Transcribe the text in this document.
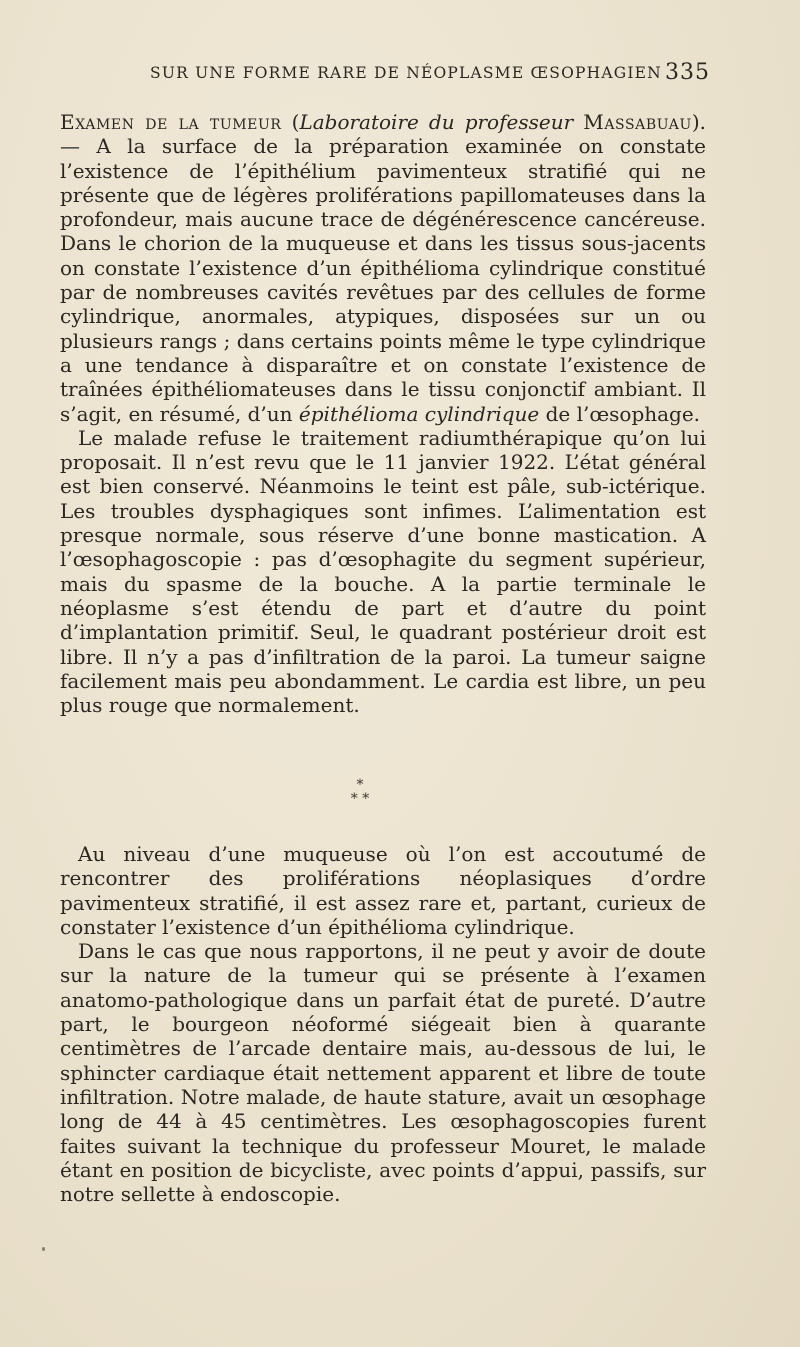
SUR UNE FORME RARE DE NÉOPLASME ŒSOPHAGIEN 335

Examen de la tumeur (Laboratoire du professeur Massabuau). — A la surface de la préparation examinée on constate l’existence de l’épithélium pavimenteux stratifié qui ne présente que de légères proliférations papillomateuses dans la profondeur, mais aucune trace de dégénérescence cancéreuse. Dans le chorion de la muqueuse et dans les tissus sous-jacents on constate l’existence d’un épithélioma cylindrique constitué par de nombreuses cavités revêtues par des cellules de forme cylindrique, anormales, atypiques, disposées sur un ou plusieurs rangs ; dans certains points même le type cylindrique a une tendance à disparaître et on constate l’existence de traînées épithéliomateuses dans le tissu conjonctif ambiant. Il s’agit, en résumé, d’un épithélioma cylindrique de l’œsophage.

Le malade refuse le traitement radiumthérapique qu’on lui proposait. Il n’est revu que le 11 janvier 1922. L’état général est bien conservé. Néanmoins le teint est pâle, sub-ictérique. Les troubles dysphagiques sont infimes. L’alimentation est presque normale, sous réserve d’une bonne mastication. A l’œsophagoscopie : pas d’œsophagite du segment supérieur, mais du spasme de la bouche. A la partie terminale le néoplasme s’est étendu de part et d’autre du point d’implantation primitif. Seul, le quadrant postérieur droit est libre. Il n’y a pas d’infiltration de la paroi. La tumeur saigne facilement mais peu abondamment. Le cardia est libre, un peu plus rouge que normalement.

*
* *

Au niveau d’une muqueuse où l’on est accoutumé de rencontrer des proliférations néoplasiques d’ordre pavimenteux stratifié, il est assez rare et, partant, curieux de constater l’existence d’un épithélioma cylindrique.

Dans le cas que nous rapportons, il ne peut y avoir de doute sur la nature de la tumeur qui se présente à l’examen anatomo-pathologique dans un parfait état de pureté. D’autre part, le bourgeon néoformé siégeait bien à quarante centimètres de l’arcade dentaire mais, au-dessous de lui, le sphincter cardiaque était nettement apparent et libre de toute infiltration. Notre malade, de haute stature, avait un œsophage long de 44 à 45 centimètres. Les œsophagoscopies furent faites suivant la technique du professeur Mouret, le malade étant en position de bicycliste, avec points d’appui, passifs, sur notre sellette à endoscopie.
